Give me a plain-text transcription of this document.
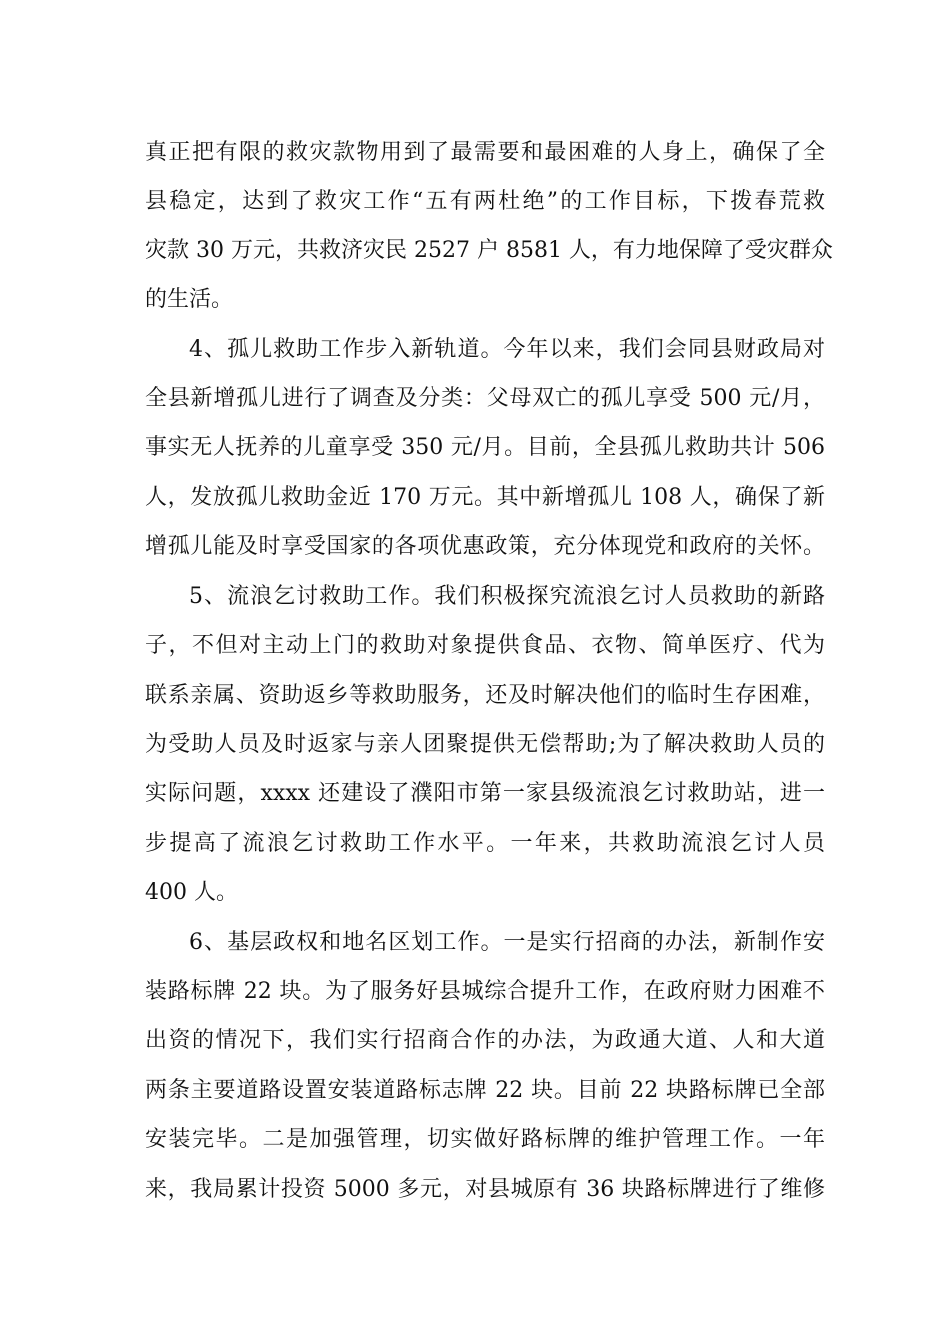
真正把有限的救灾款物用到了最需要和最困难的人身上，确保了全
县稳定，达到了救灾工作“五有两杜绝”的工作目标，下拨春荒救
灾款 30 万元，共救济灾民 2527 户 8581 人，有力地保障了受灾群众
的生活。
4、孤儿救助工作步入新轨道。今年以来，我们会同县财政局对
全县新增孤儿进行了调查及分类：父母双亡的孤儿享受 500 元/月，
事实无人抚养的儿童享受 350 元/月。目前，全县孤儿救助共计 506
人，发放孤儿救助金近 170 万元。其中新增孤儿 108 人，确保了新
增孤儿能及时享受国家的各项优惠政策，充分体现党和政府的关怀。
5、流浪乞讨救助工作。我们积极探究流浪乞讨人员救助的新路
子，不但对主动上门的救助对象提供食品、衣物、简单医疗、代为
联系亲属、资助返乡等救助服务，还及时解决他们的临时生存困难，
为受助人员及时返家与亲人团聚提供无偿帮助;为了解决救助人员的
实际问题，xxxx 还建设了濮阳市第一家县级流浪乞讨救助站，进一
步提高了流浪乞讨救助工作水平。一年来，共救助流浪乞讨人员
400 人。
6、基层政权和地名区划工作。一是实行招商的办法，新制作安
装路标牌 22 块。为了服务好县城综合提升工作，在政府财力困难不
出资的情况下，我们实行招商合作的办法，为政通大道、人和大道
两条主要道路设置安装道路标志牌 22 块。目前 22 块路标牌已全部
安装完毕。二是加强管理，切实做好路标牌的维护管理工作。一年
来，我局累计投资 5000 多元，对县城原有 36 块路标牌进行了维修
